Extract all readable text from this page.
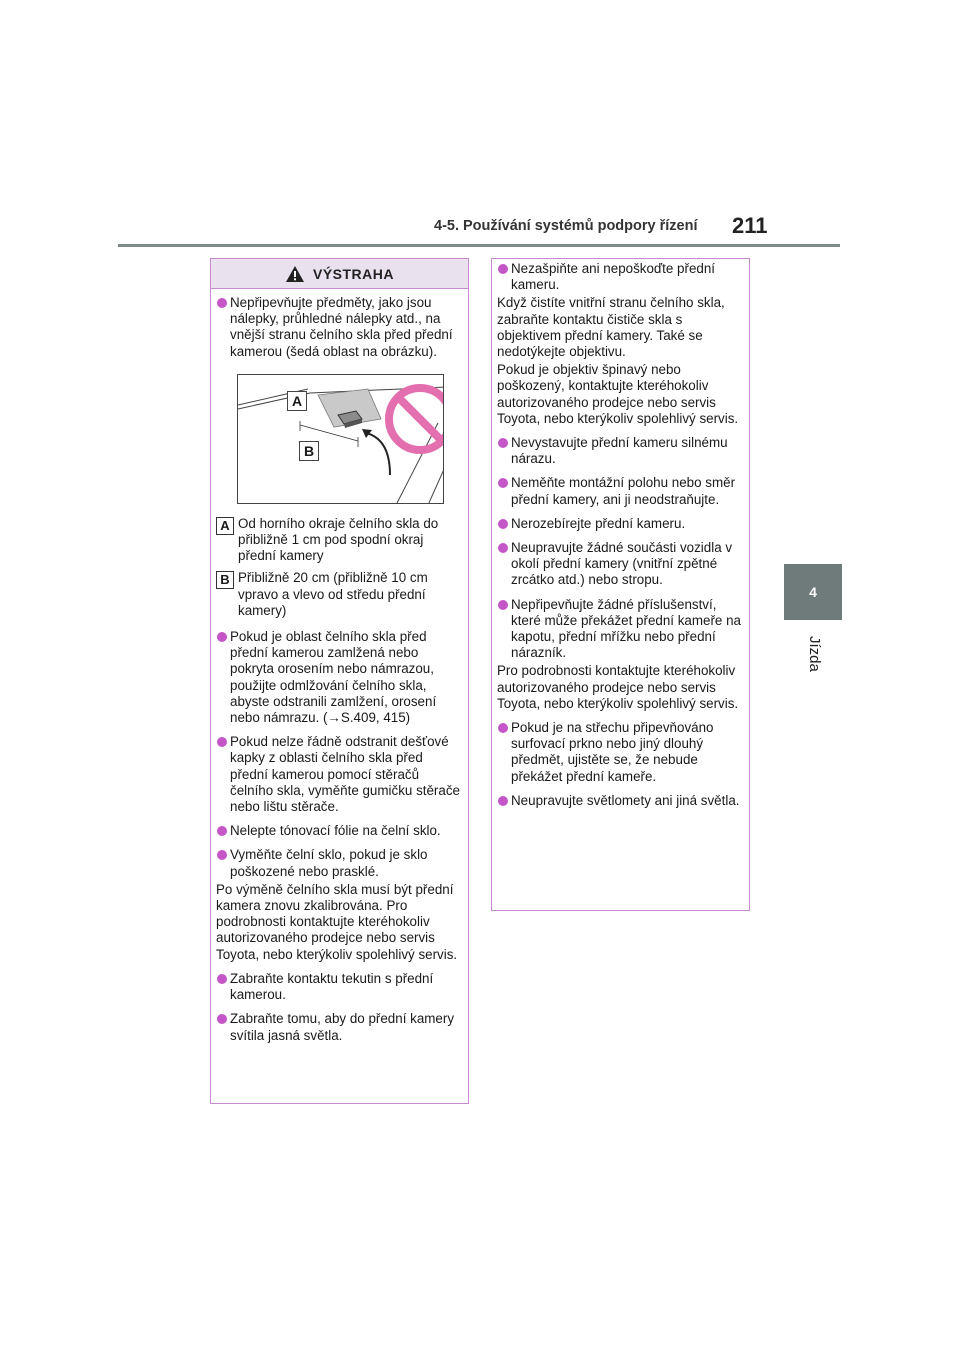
4-5. Používání systémů podpory řízení 211
4
Jízda
VÝSTRAHA
Nepřipevňujte předměty, jako jsou nálepky, průhledné nálepky atd., na vnější stranu čelního skla před přední kamerou (šedá oblast na obrázku).
A
B
A Od horního okraje čelního skla do přibližně 1 cm pod spodní okraj přední kamery
B Přibližně 20 cm (přibližně 10 cm vpravo a vlevo od středu přední kamery)
Pokud je oblast čelního skla před přední kamerou zamlžená nebo pokryta orosením nebo námrazou, použijte odmlžování čelního skla, abyste odstranili zamlžení, orosení nebo námrazu. (→S.409, 415)
Pokud nelze řádně odstranit dešťové kapky z oblasti čelního skla před přední kamerou pomocí stěračů čelního skla, vyměňte gumičku stěrače nebo lištu stěrače.
Nelepte tónovací fólie na čelní sklo.
Vyměňte čelní sklo, pokud je sklo poškozené nebo prasklé.
Po výměně čelního skla musí být přední kamera znovu zkalibrována. Pro podrobnosti kontaktujte kteréhokoliv autorizovaného prodejce nebo servis Toyota, nebo kterýkoliv spolehlivý servis.
Zabraňte kontaktu tekutin s přední kamerou.
Zabraňte tomu, aby do přední kamery svítila jasná světla.
Nezašpiňte ani nepoškoďte přední kameru.
Když čistíte vnitřní stranu čelního skla, zabraňte kontaktu čističe skla s objektivem přední kamery. Také se nedotýkejte objektivu.
Pokud je objektiv špinavý nebo poškozený, kontaktujte kteréhokoliv autorizovaného prodejce nebo servis Toyota, nebo kterýkoliv spolehlivý servis.
Nevystavujte přední kameru silnému nárazu.
Neměňte montážní polohu nebo směr přední kamery, ani ji neodstraňujte.
Nerozebírejte přední kameru.
Neupravujte žádné součásti vozidla v okolí přední kamery (vnitřní zpětné zrcátko atd.) nebo stropu.
Nepřipevňujte žádné příslušenství, které může překážet přední kameře na kapotu, přední mřížku nebo přední nárazník.
Pro podrobnosti kontaktujte kteréhokoliv autorizovaného prodejce nebo servis Toyota, nebo kterýkoliv spolehlivý servis.
Pokud je na střechu připevňováno surfovací prkno nebo jiný dlouhý předmět, ujistěte se, že nebude překážet přední kameře.
Neupravujte světlomety ani jiná světla.
